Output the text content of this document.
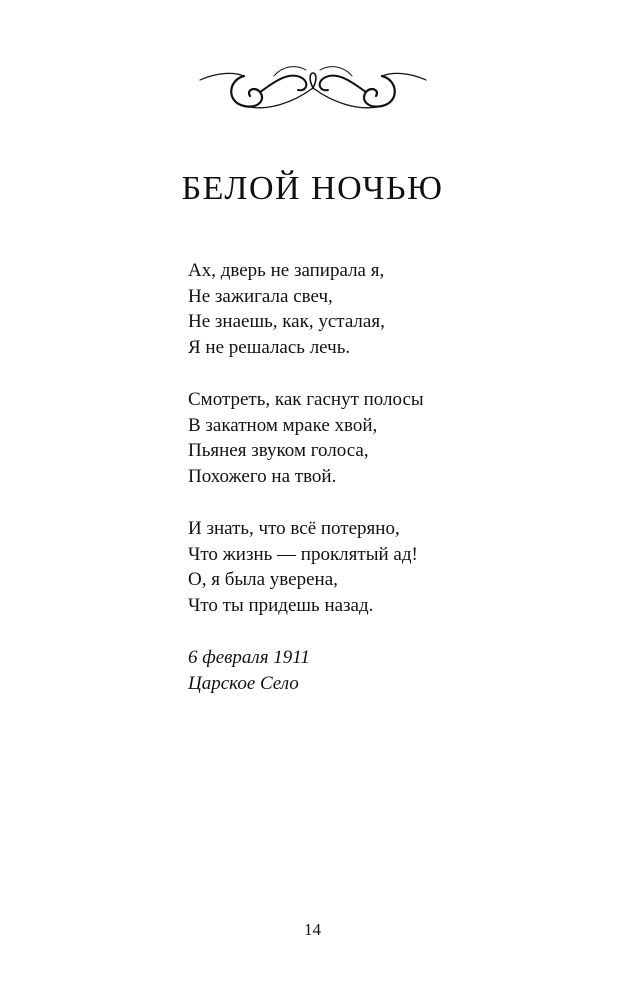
БЕЛОЙ НОЧЬЮ
Ах, дверь не запирала я,
Не зажигала свеч,
Не знаешь, как, усталая,
Я не решалась лечь.
Смотреть, как гаснут полосы
В закатном мраке хвой,
Пьянея звуком голоса,
Похожего на твой.
И знать, что всё потеряно,
Что жизнь — проклятый ад!
О, я была уверена,
Что ты придешь назад.
6 февраля 1911
Царское Село
14
